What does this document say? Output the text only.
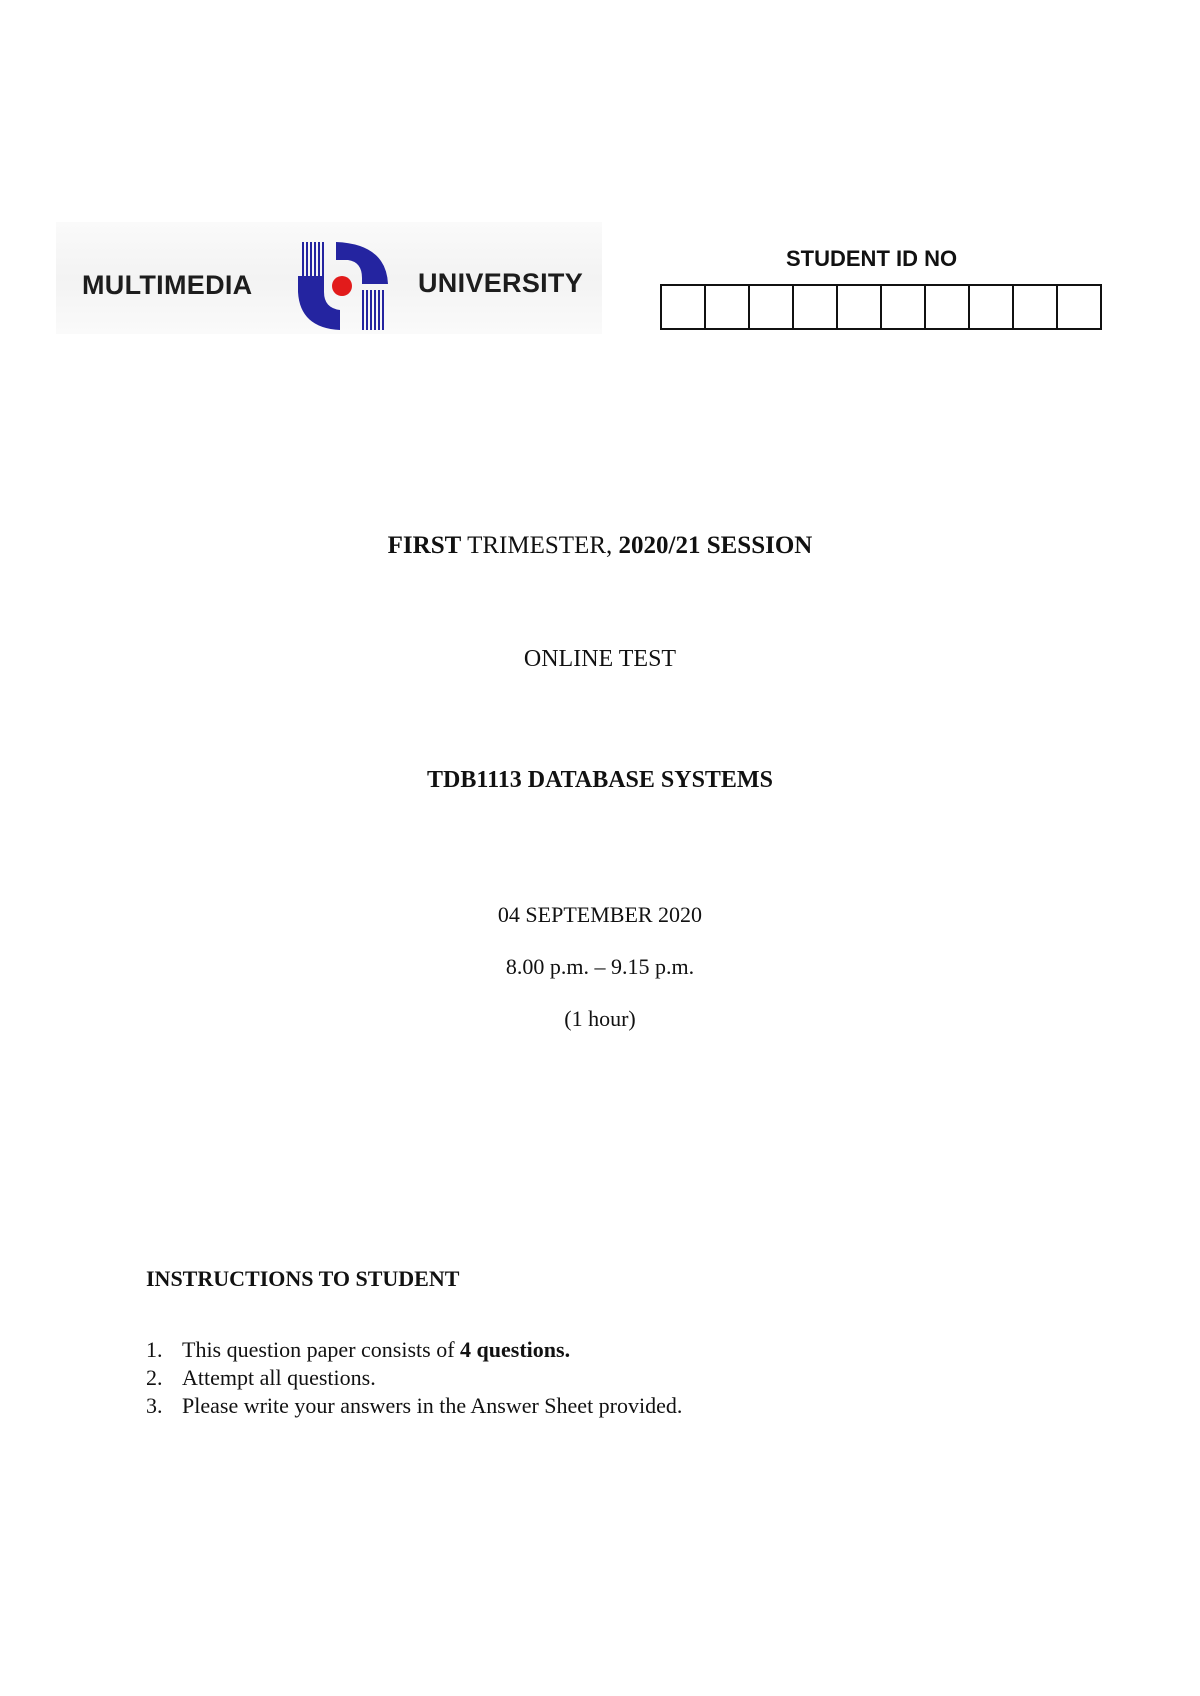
MULTIMEDIA	UNIVERSITY
STUDENT ID NO
FIRST TRIMESTER, 2020/21 SESSION
ONLINE TEST
TDB1113 DATABASE SYSTEMS
04 SEPTEMBER 2020
8.00 p.m. – 9.15 p.m.
(1 hour)
INSTRUCTIONS TO STUDENT
1. This question paper consists of 4 questions.
2. Attempt all questions.
3. Please write your answers in the Answer Sheet provided.
